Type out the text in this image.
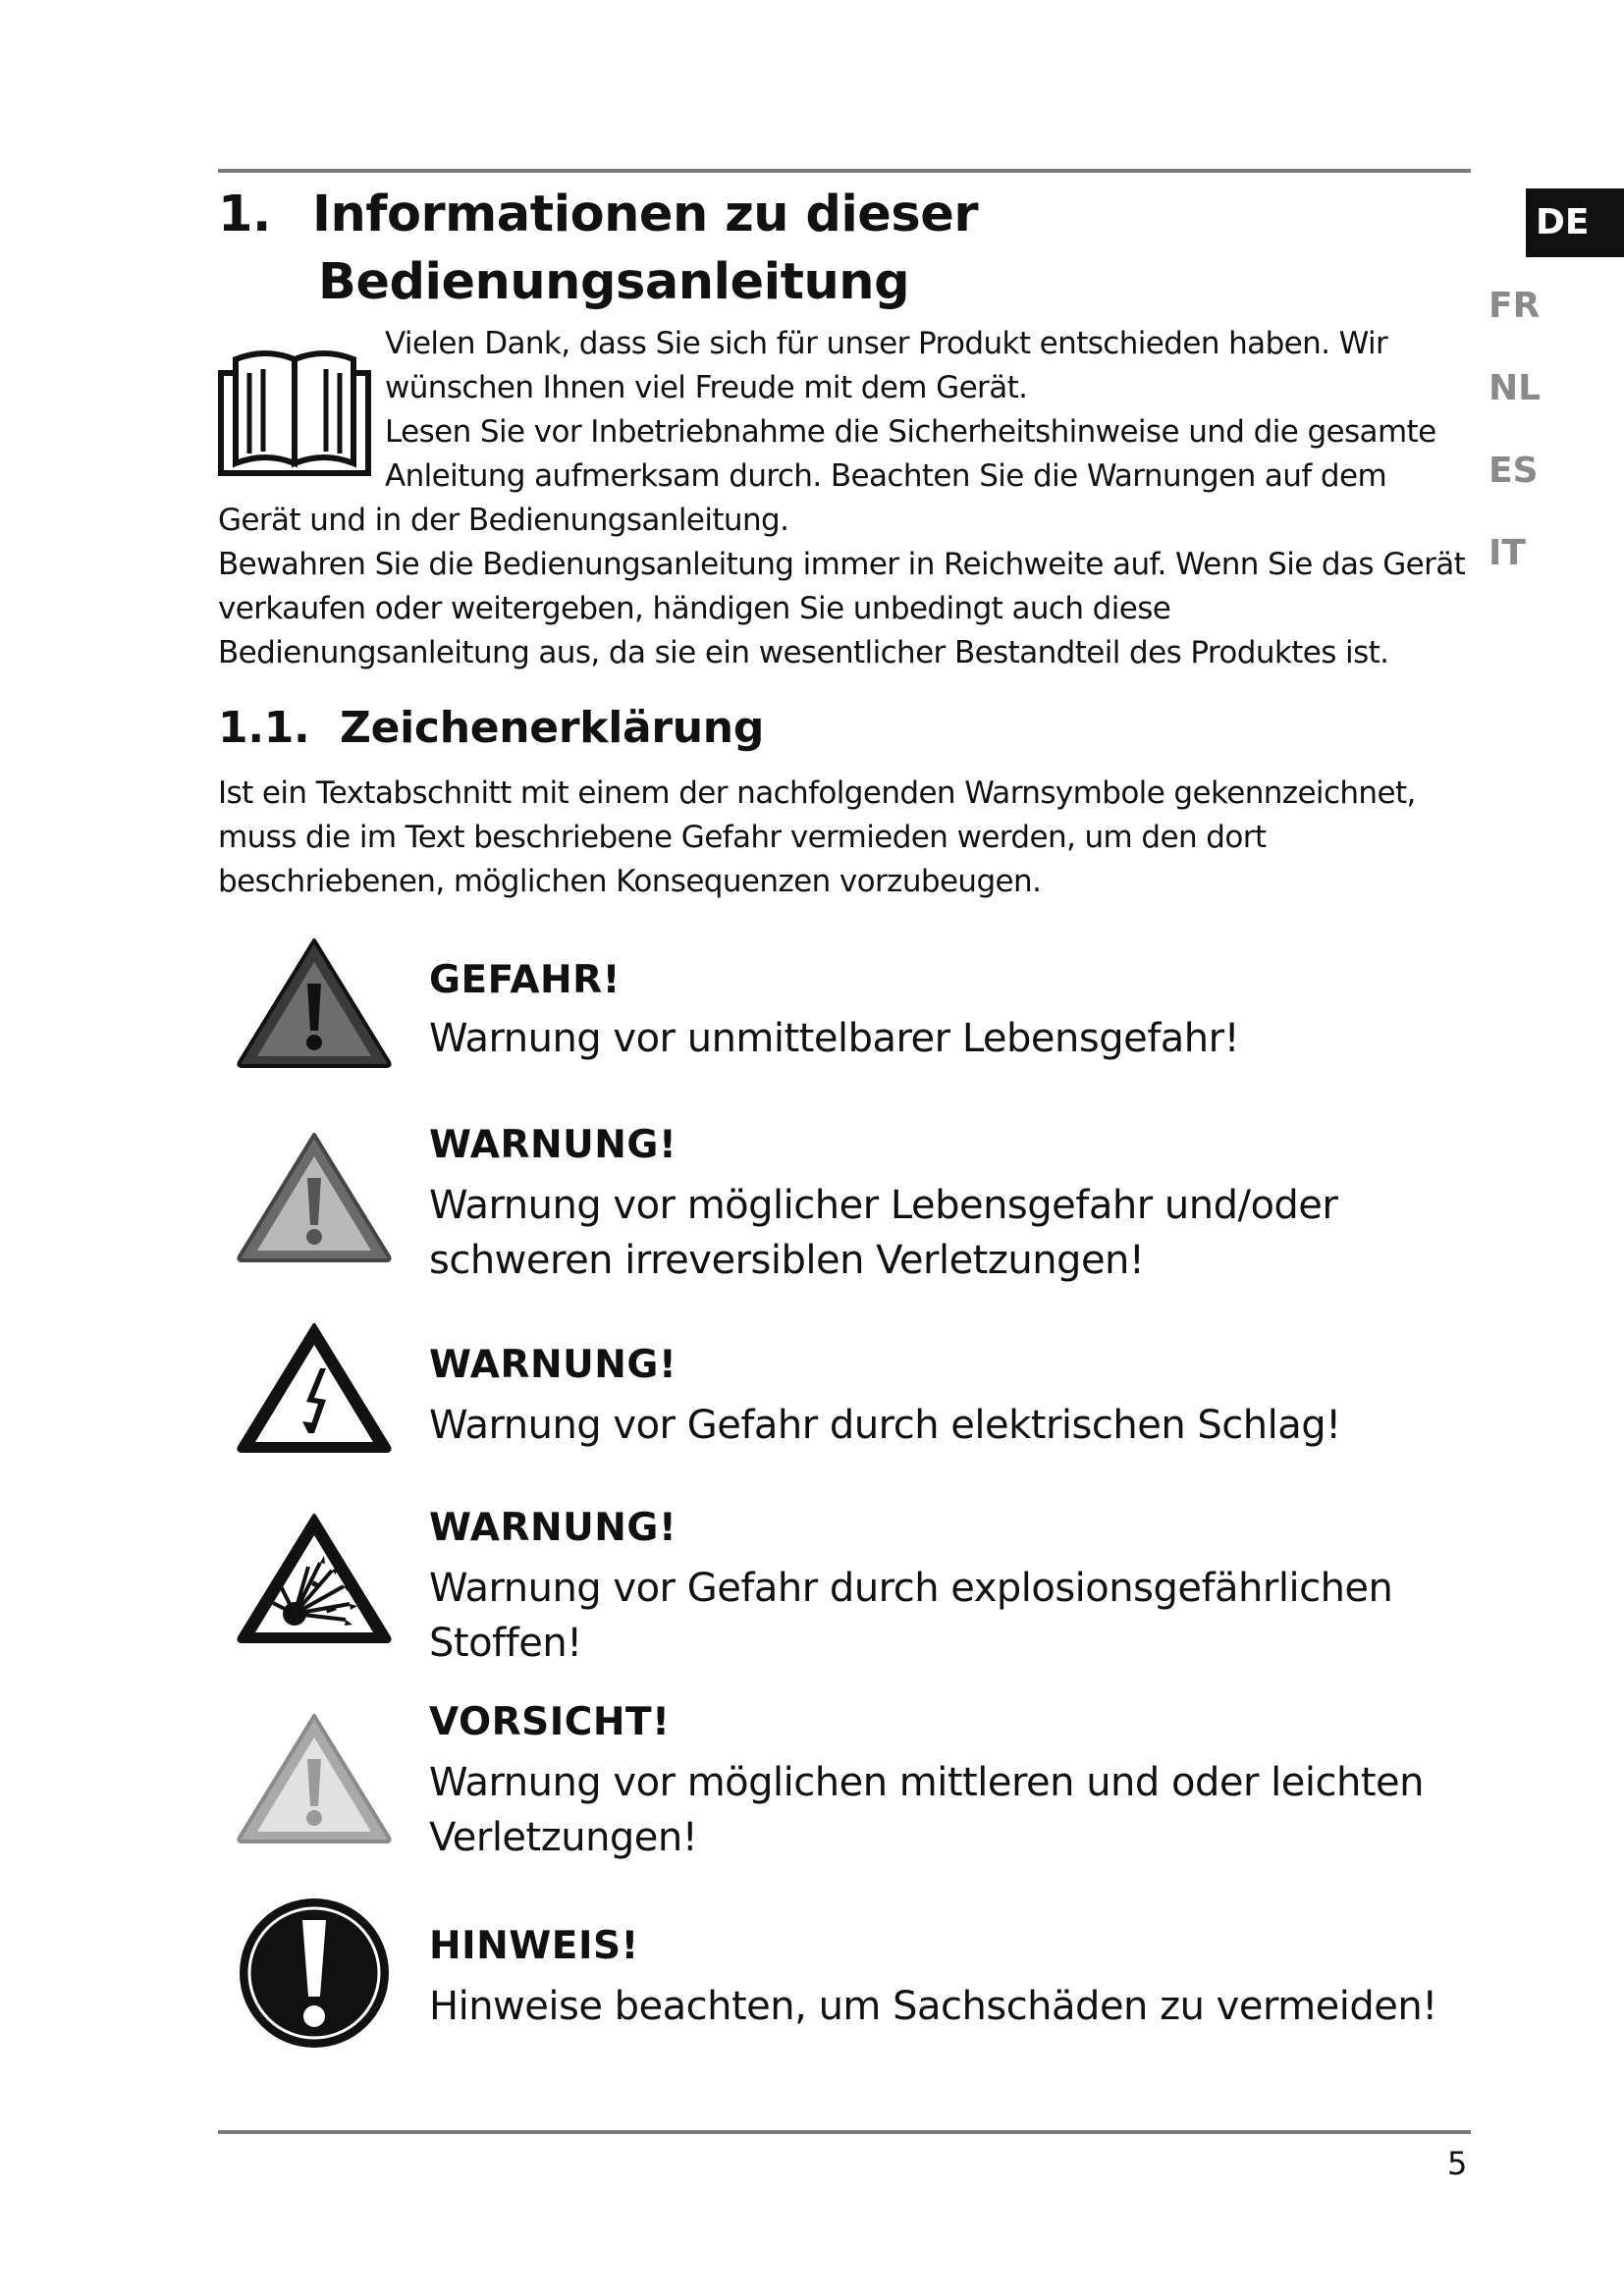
1. Informationen zu dieser
Bedienungsanleitung

Vielen Dank, dass Sie sich für unser Produkt entschieden haben. Wir wünschen Ihnen viel Freude mit dem Gerät.

Lesen Sie vor Inbetriebnahme die Sicherheitshinweise und die gesamte Anleitung aufmerksam durch. Beachten Sie die Warnungen auf dem Gerät und in der Bedienungsanleitung.

Bewahren Sie die Bedienungsanleitung immer in Reichweite auf. Wenn Sie das Gerät verkaufen oder weitergeben, händigen Sie unbedingt auch diese Bedienungsanleitung aus, da sie ein wesentlicher Bestandteil des Produktes ist.

1.1. Zeichenerklärung

Ist ein Textabschnitt mit einem der nachfolgenden Warnsymbole gekennzeichnet, muss die im Text beschriebene Gefahr vermieden werden, um den dort beschriebenen, möglichen Konsequenzen vorzubeugen.

GEFAHR!
Warnung vor unmittelbarer Lebensgefahr!
WARNUNG!
Warnung vor möglicher Lebensgefahr und/oder schweren irreversiblen Verletzungen!
WARNUNG!
Warnung vor Gefahr durch elektrischen Schlag!
WARNUNG!
Warnung vor Gefahr durch explosionsgefährlichen Stoffen!
VORSICHT!
Warnung vor möglichen mittleren und oder leichten Verletzungen!
HINWEIS!
Hinweise beachten, um Sachschäden zu vermeiden!
DE
FR
NL
ES
IT
5
